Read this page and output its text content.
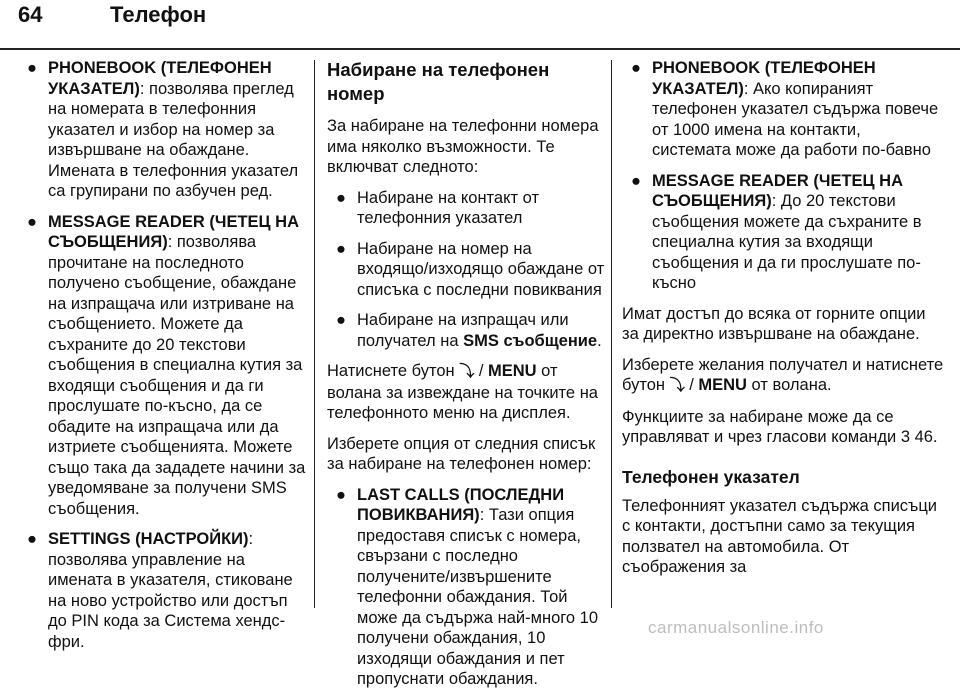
64	Телефон
● PHONEBOOK (ТЕЛЕФОНЕН УКАЗАТЕЛ): позволява преглед на номерата в телефонния указател и избор на номер за извършване на обаждане. Имената в телефонния указател са групирани по азбучен ред.
● MESSAGE READER (ЧЕТЕЦ НА СЪОБЩЕНИЯ): позволява прочитане на последното получено съобщение, обаждане на изпращача или изтриване на съобщението. Можете да съхраните до 20 текстови съобщения в специална кутия за входящи съобщения и да ги прослушате по-късно, да се обадите на изпращача или да изтриете съобщенията. Можете също така да зададете начини за уведомяване за получени SMS съобщения.
● SETTINGS (НАСТРОЙКИ): позволява управление на имената в указателя, стиковане на ново устройство или достъп до PIN кода за Система хендс-фри.
Набиране на телефонен номер
За набиране на телефонни номера има няколко възможности. Те включват следното:
● Набиране на контакт от телефонния указател
● Набиране на номер на входящо/изходящо обаждане от списъка с последни повиквания
● Набиране на изпращач или получател на SMS съобщение.
Натиснете бутон ⤵ / MENU от волана за извеждане на точките на телефонното меню на дисплея.
Изберете опция от следния списък за набиране на телефонен номер:
● LAST CALLS (ПОСЛЕДНИ ПОВИКВАНИЯ): Тази опция предоставя списък с номера, свързани с последно получените/извършените телефонни обаждания. Той може да съдържа най-много 10 получени обаждания, 10 изходящи обаждания и пет пропуснати обаждания.
● PHONEBOOK (ТЕЛЕФОНЕН УКАЗАТЕЛ): Ако копираният телефонен указател съдържа повече от 1000 имена на контакти, системата може да работи по-бавно
● MESSAGE READER (ЧЕТЕЦ НА СЪОБЩЕНИЯ): До 20 текстови съобщения можете да съхраните в специална кутия за входящи съобщения и да ги прослушате по-късно
Имат достъп до всяка от горните опции за директно извършване на обаждане.
Изберете желания получател и натиснете бутон ⤵ / MENU от волана.
Функциите за набиране може да се управляват и чрез гласови команди 3 46.
Телефонен указател
Телефонният указател съдържа списъци с контакти, достъпни само за текущия ползвател на автомобила. От съображения за
carmanualsonline.info
